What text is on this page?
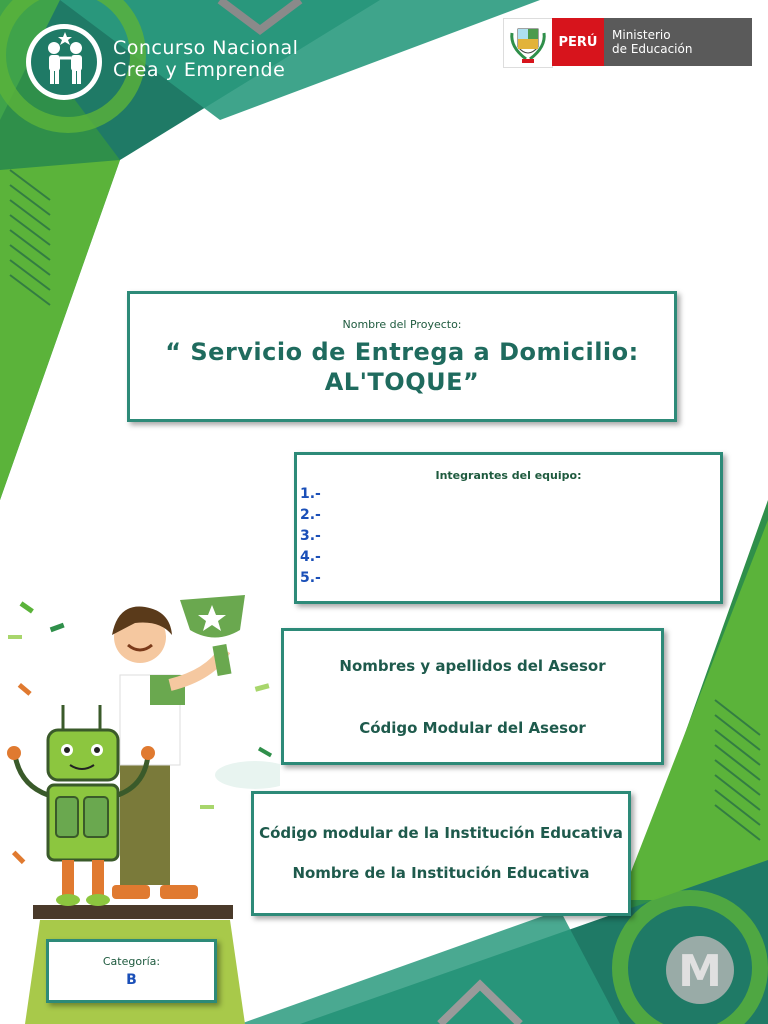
M
Concurso Nacional
Crea y Emprende
PERÚ	Ministerio
de Educación
Nombre del Proyecto:
“ Servicio de Entrega a Domicilio:
AL'TOQUE”
Integrantes del equipo:
1.-
2.-
3.-
4.-
5.-
Nombres y apellidos del Asesor
Código Modular del Asesor
Código modular de la Institución Educativa
Nombre de la Institución Educativa
Categoría:
B
